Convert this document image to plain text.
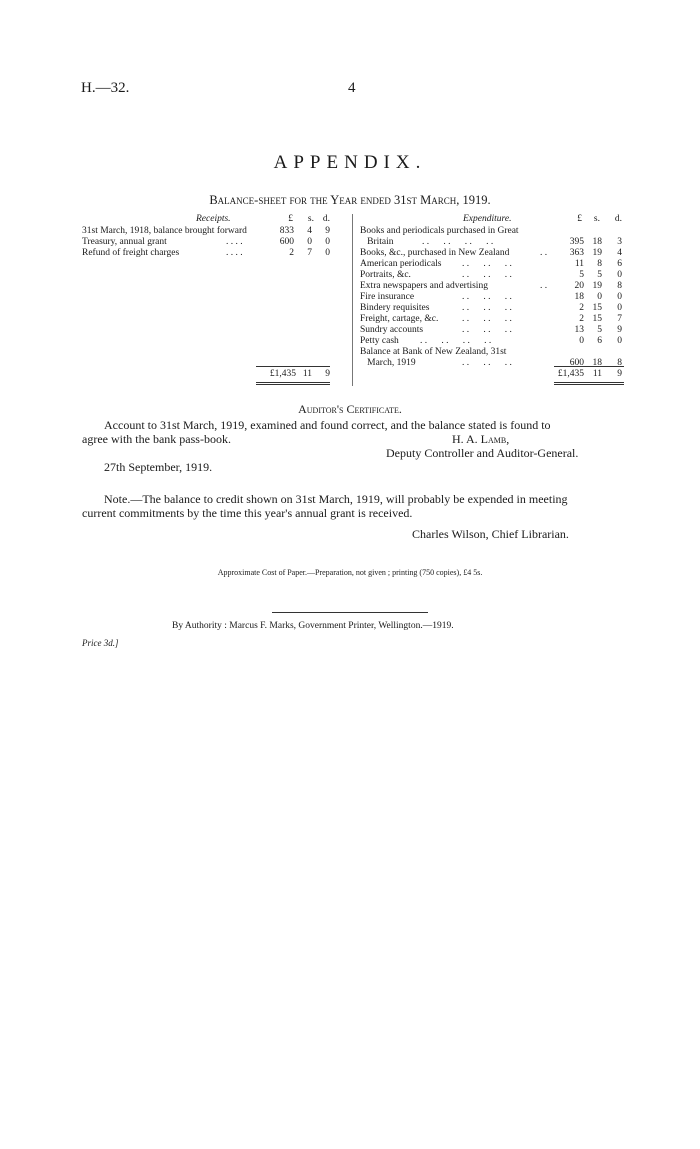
H.—32.	4
APPENDIX.
Balance-sheet for the Year ended 31st March, 1919.
Receipts.	£	s. d.	Expenditure.	£	s.	d.
31st March, 1918, balance brought forward	833	4	9
Treasury, annual grant	. . . .	600	0	0
Refund of freight charges	. . . .	2	7	0
Books and periodicals purchased in Great
Britain	. .      . .      . .      . .	395 18	3
Books, &c., purchased in New Zealand	. .	363 19	4
American periodicals . .      . .      . .	11	8	6
Portraits, &c.	. .      . .      . .	5	5	0
Extra newspapers and advertising	. .	20 19	8
Fire insurance	. .      . .      . .	18	0	0
Bindery requisites	. .      . .      . .	2 15	0
Freight, cartage, &c. . .      . .      . .	2 15	7
Sundry accounts	. .      . .      . .	13	5	9
Petty cash . .      . .      . .      . .	0	6	0
Balance at Bank of New Zealand, 31st
March, 1919	. .      . .      . .	600 18	8
£1,435 11	9	£1,435 11	9
Auditor's Certificate.
Account to 31st March, 1919, examined and found correct, and the balance stated is found to
agree with the bank pass-book.	H. A. Lamb,
Deputy Controller and Auditor-General.
27th September, 1919.
Note.—The balance to credit shown on 31st March, 1919, will probably be expended in meeting
current commitments by the time this year's annual grant is received.
Charles Wilson, Chief Librarian.
Approximate Cost of Paper.—Preparation, not given ; printing (750 copies), £4 5s.
By Authority : Marcus F. Marks, Government Printer, Wellington.—1919.
Price 3d.]
